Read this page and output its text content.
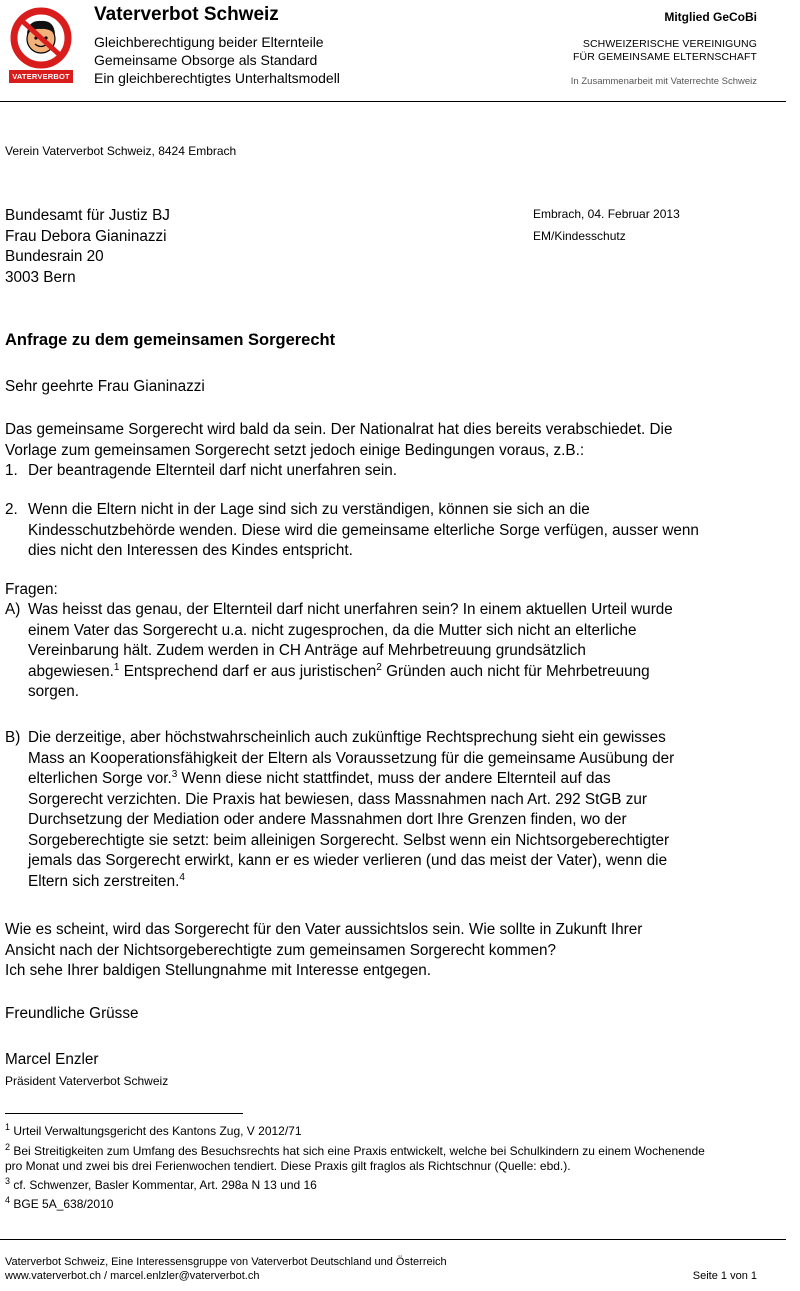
VATERVERBOT
Vaterverbot Schweiz
Gleichberechtigung beider Elternteile
Gemeinsame Obsorge als Standard
Ein gleichberechtigtes Unterhaltsmodell
Mitglied GeCoBi
SCHWEIZERISCHE VEREINIGUNG
FÜR GEMEINSAME ELTERNSCHAFT
In Zusammenarbeit mit Vaterrechte Schweiz
Verein Vaterverbot Schweiz, 8424 Embrach
Bundesamt für Justiz BJ
Frau Debora Gianinazzi
Bundesrain 20
3003 Bern
Embrach, 04. Februar 2013
EM/Kindesschutz
Anfrage zu dem gemeinsamen Sorgerecht
Sehr geehrte Frau Gianinazzi
Das gemeinsame Sorgerecht wird bald da sein. Der Nationalrat hat dies bereits verabschiedet. Die
Vorlage zum gemeinsamen Sorgerecht setzt jedoch einige Bedingungen voraus, z.B.:
1. Der beantragende Elternteil darf nicht unerfahren sein.
2. Wenn die Eltern nicht in der Lage sind sich zu verständigen, können sie sich an die
Kindesschutzbehörde wenden. Diese wird die gemeinsame elterliche Sorge verfügen, ausser wenn
dies nicht den Interessen des Kindes entspricht.
Fragen:
A) Was heisst das genau, der Elternteil darf nicht unerfahren sein? In einem aktuellen Urteil wurde
einem Vater das Sorgerecht u.a. nicht zugesprochen, da die Mutter sich nicht an elterliche
Vereinbarung hält. Zudem werden in CH Anträge auf Mehrbetreuung grundsätzlich
abgewiesen.$^1$ Entsprechend darf er aus juristischen$^2$ Gründen auch nicht für Mehrbetreuung
sorgen.
B) Die derzeitige, aber höchstwahrscheinlich auch zukünftige Rechtsprechung sieht ein gewisses
Mass an Kooperationsfähigkeit der Eltern als Voraussetzung für die gemeinsame Ausübung der
elterlichen Sorge vor.$^3$ Wenn diese nicht stattfindet, muss der andere Elternteil auf das
Sorgerecht verzichten. Die Praxis hat bewiesen, dass Massnahmen nach Art. 292 StGB zur
Durchsetzung der Mediation oder andere Massnahmen dort Ihre Grenzen finden, wo der
Sorgeberechtigte sie setzt: beim alleinigen Sorgerecht. Selbst wenn ein Nichtsorgeberechtigter
jemals das Sorgerecht erwirkt, kann er es wieder verlieren (und das meist der Vater), wenn die
Eltern sich zerstreiten.$^4$
Wie es scheint, wird das Sorgerecht für den Vater aussichtslos sein. Wie sollte in Zukunft Ihrer
Ansicht nach der Nichtsorgeberechtigte zum gemeinsamen Sorgerecht kommen?
Ich sehe Ihrer baldigen Stellungnahme mit Interesse entgegen.
Freundliche Grüsse
Marcel Enzler
Präsident Vaterverbot Schweiz
$^1$ Urteil Verwaltungsgericht des Kantons Zug, V 2012/71
$^2$ Bei Streitigkeiten zum Umfang des Besuchsrechts hat sich eine Praxis entwickelt, welche bei Schulkindern zu einem Wochenende
pro Monat und zwei bis drei Ferienwochen tendiert. Diese Praxis gilt fraglos als Richtschnur (Quelle: ebd.).
$^3$ cf. Schwenzer, Basler Kommentar, Art. 298a N 13 und 16
$^4$ BGE 5A_638/2010
Vaterverbot Schweiz, Eine Interessensgruppe von Vaterverbot Deutschland und Österreich
www.vaterverbot.ch / marcel.enlzler@vaterverbot.ch	Seite 1 von 1
